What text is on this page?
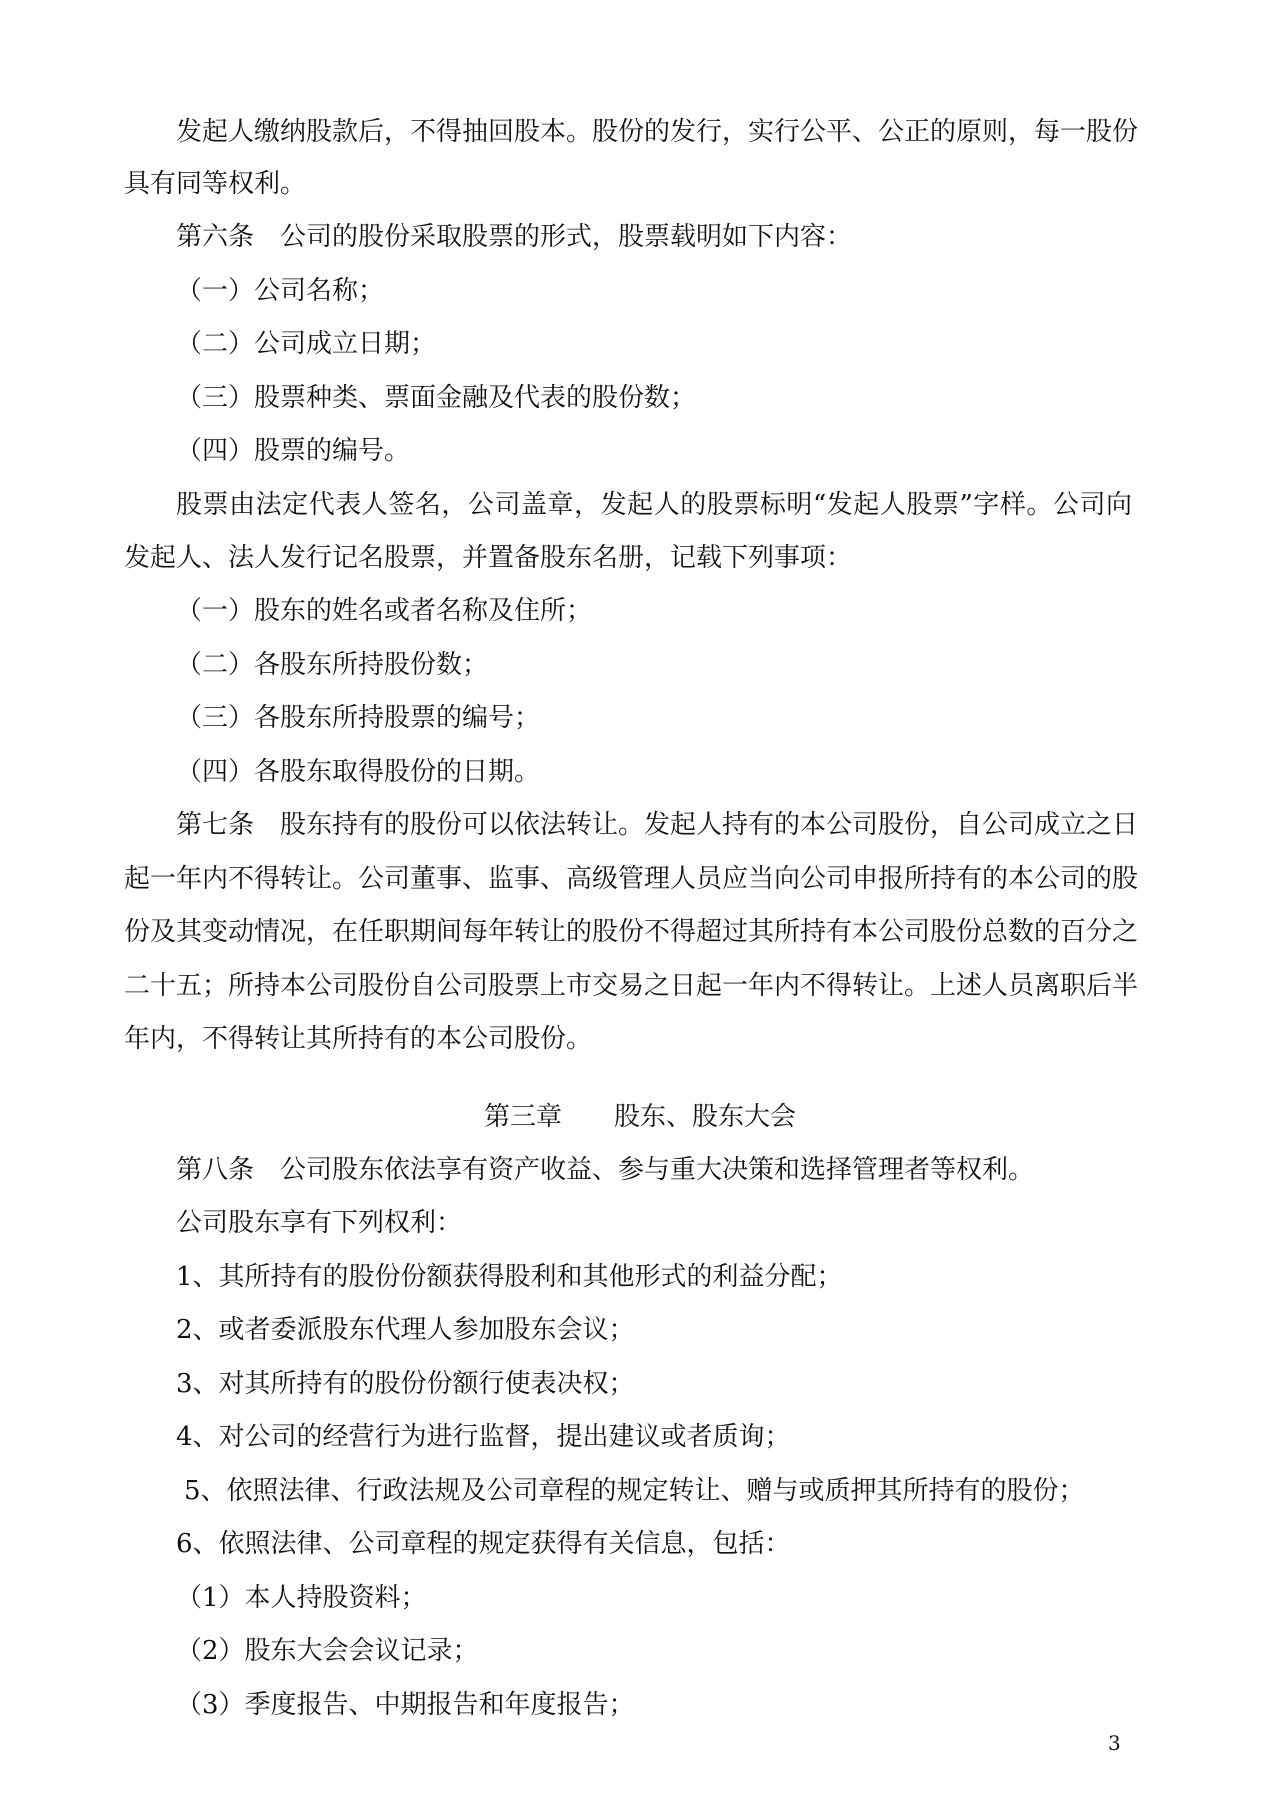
发起人缴纳股款后，不得抽回股本。股份的发行，实行公平、公正的原则，每一股份
具有同等权利。
第六条　公司的股份采取股票的形式，股票载明如下内容：
（一）公司名称；
（二）公司成立日期；
（三）股票种类、票面金融及代表的股份数；
（四）股票的编号。
股票由法定代表人签名，公司盖章，发起人的股票标明“发起人股票”字样。公司向
发起人、法人发行记名股票，并置备股东名册，记载下列事项：
（一）股东的姓名或者名称及住所；
（二）各股东所持股份数；
（三）各股东所持股票的编号；
（四）各股东取得股份的日期。
第七条　股东持有的股份可以依法转让。发起人持有的本公司股份，自公司成立之日
起一年内不得转让。公司董事、监事、高级管理人员应当向公司申报所持有的本公司的股
份及其变动情况，在任职期间每年转让的股份不得超过其所持有本公司股份总数的百分之
二十五；所持本公司股份自公司股票上市交易之日起一年内不得转让。上述人员离职后半
年内，不得转让其所持有的本公司股份。
第三章　　股东、股东大会
第八条　公司股东依法享有资产收益、参与重大决策和选择管理者等权利。
公司股东享有下列权利：
1、其所持有的股份份额获得股利和其他形式的利益分配；
2、或者委派股东代理人参加股东会议；
3、对其所持有的股份份额行使表决权；
4、对公司的经营行为进行监督，提出建议或者质询；
5、依照法律、行政法规及公司章程的规定转让、赠与或质押其所持有的股份；
6、依照法律、公司章程的规定获得有关信息，包括：
（1）本人持股资料；
（2）股东大会会议记录；
（3）季度报告、中期报告和年度报告；
3
